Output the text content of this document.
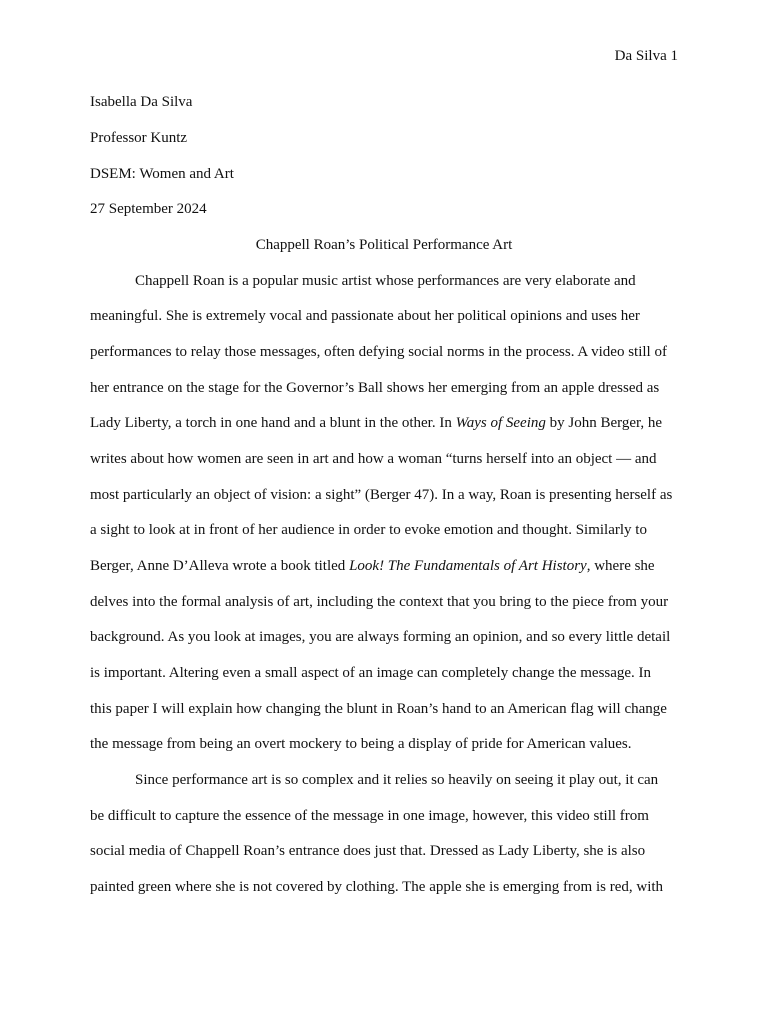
Da Silva 1
Isabella Da Silva
Professor Kuntz
DSEM: Women and Art
27 September 2024
Chappell Roan’s Political Performance Art
Chappell Roan is a popular music artist whose performances are very elaborate and
meaningful. She is extremely vocal and passionate about her political opinions and uses her
performances to relay those messages, often defying social norms in the process. A video still of
her entrance on the stage for the Governor’s Ball shows her emerging from an apple dressed as
Lady Liberty, a torch in one hand and a blunt in the other. In Ways of Seeing by John Berger, he
writes about how women are seen in art and how a woman “turns herself into an object — and
most particularly an object of vision: a sight” (Berger 47). In a way, Roan is presenting herself as
a sight to look at in front of her audience in order to evoke emotion and thought. Similarly to
Berger, Anne D’Alleva wrote a book titled Look! The Fundamentals of Art History, where she
delves into the formal analysis of art, including the context that you bring to the piece from your
background. As you look at images, you are always forming an opinion, and so every little detail
is important. Altering even a small aspect of an image can completely change the message. In
this paper I will explain how changing the blunt in Roan’s hand to an American flag will change
the message from being an overt mockery to being a display of pride for American values.
Since performance art is so complex and it relies so heavily on seeing it play out, it can
be difficult to capture the essence of the message in one image, however, this video still from
social media of Chappell Roan’s entrance does just that. Dressed as Lady Liberty, she is also
painted green where she is not covered by clothing. The apple she is emerging from is red, with
